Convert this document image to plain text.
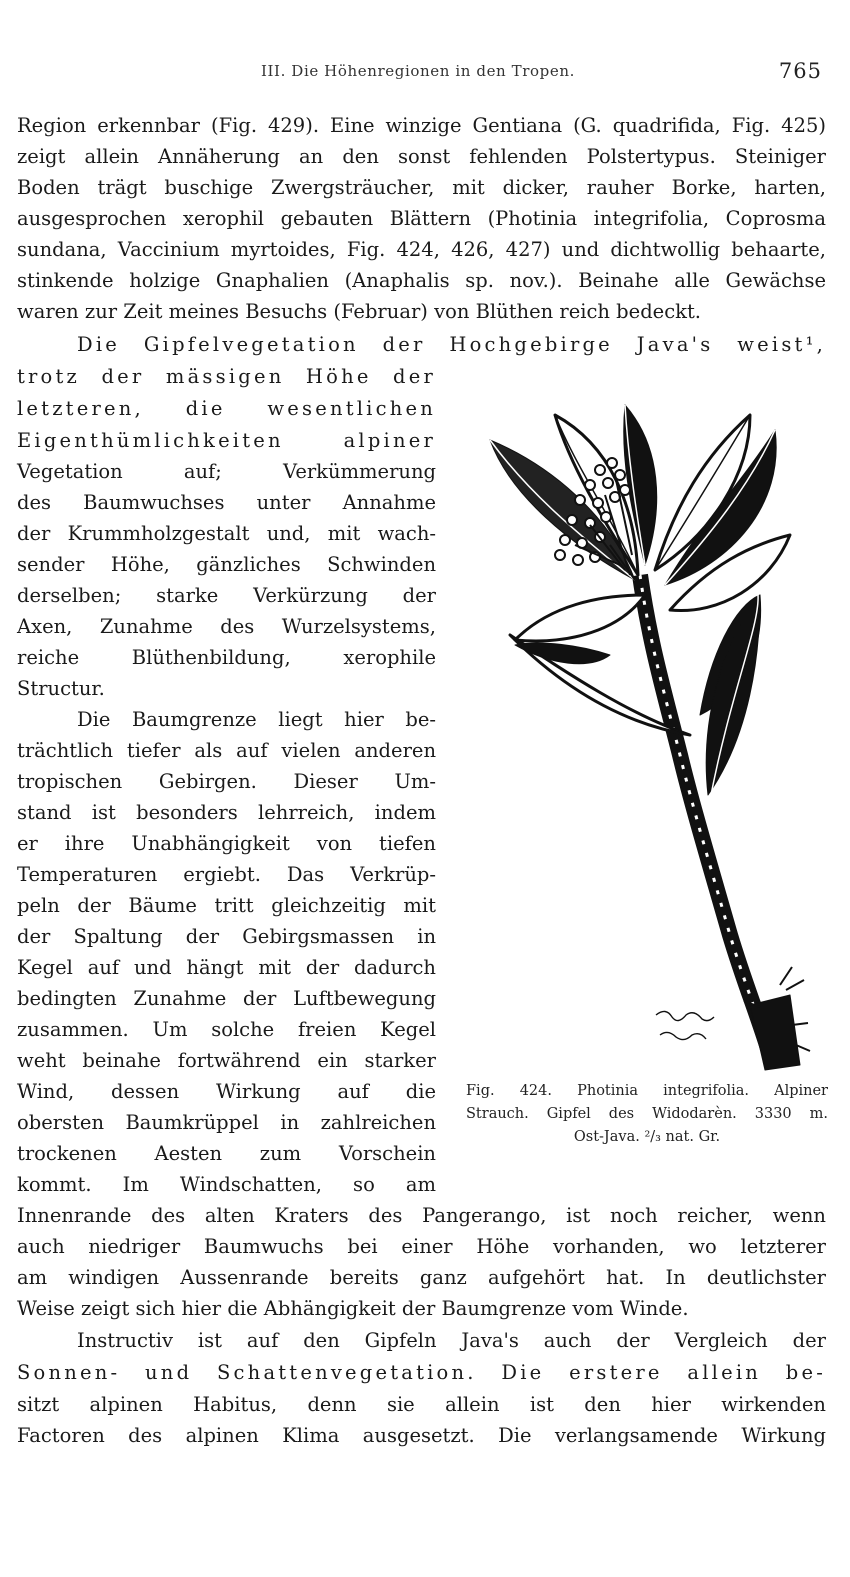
III. Die Höhenregionen in den Tropen.	765
Region erkennbar (Fig. 429). Eine winzige Gentiana (G. quadrifida, Fig. 425)
zeigt allein Annäherung an den sonst fehlenden Polstertypus. Steiniger
Boden trägt buschige Zwergsträucher, mit dicker, rauher Borke, harten,
ausgesprochen xerophil gebauten Blättern (Photinia integrifolia, Coprosma
sundana, Vaccinium myrtoides, Fig. 424, 426, 427) und dichtwollig behaarte,
stinkende holzige Gnaphalien (Anaphalis sp. nov.). Beinahe alle Gewächse
waren zur Zeit meines Besuchs (Februar) von Blüthen reich bedeckt.
Die Gipfelvegetation der Hochgebirge Java's weist¹,
trotz der mässigen Höhe der
letzteren, die wesentlichen
Eigenthümlichkeiten alpiner
Vegetation auf; Verkümmerung
des Baumwuchses unter Annahme
der Krummholzgestalt und, mit wach-
sender Höhe, gänzliches Schwinden
derselben; starke Verkürzung der
Axen, Zunahme des Wurzelsystems,
reiche Blüthenbildung, xerophile
Structur.
Die Baumgrenze liegt hier be-
trächtlich tiefer als auf vielen anderen
tropischen Gebirgen. Dieser Um-
stand ist besonders lehrreich, indem
er ihre Unabhängigkeit von tiefen
Temperaturen ergiebt. Das Verkrüp-
peln der Bäume tritt gleichzeitig mit
der Spaltung der Gebirgsmassen in
Kegel auf und hängt mit der dadurch
bedingten Zunahme der Luftbewegung
zusammen. Um solche freien Kegel
weht beinahe fortwährend ein starker
Wind, dessen Wirkung auf die
obersten Baumkrüppel in zahlreichen
trockenen Aesten zum Vorschein
kommt. Im Windschatten, so am
Innenrande des alten Kraters des Pangerango, ist noch reicher, wenn
auch niedriger Baumwuchs bei einer Höhe vorhanden, wo letzterer
am windigen Aussenrande bereits ganz aufgehört hat. In deutlichster
Weise zeigt sich hier die Abhängigkeit der Baumgrenze vom Winde.
Instructiv ist auf den Gipfeln Java's auch der Vergleich der
Sonnen- und Schattenvegetation. Die erstere allein be-
sitzt alpinen Habitus, denn sie allein ist den hier wirkenden
Factoren des alpinen Klima ausgesetzt. Die verlangsamende Wirkung
Fig. 424. Photinia integrifolia. Alpiner
Strauch. Gipfel des Widodarèn. 3330 m.
Ost-Java. ²/₃ nat. Gr.
